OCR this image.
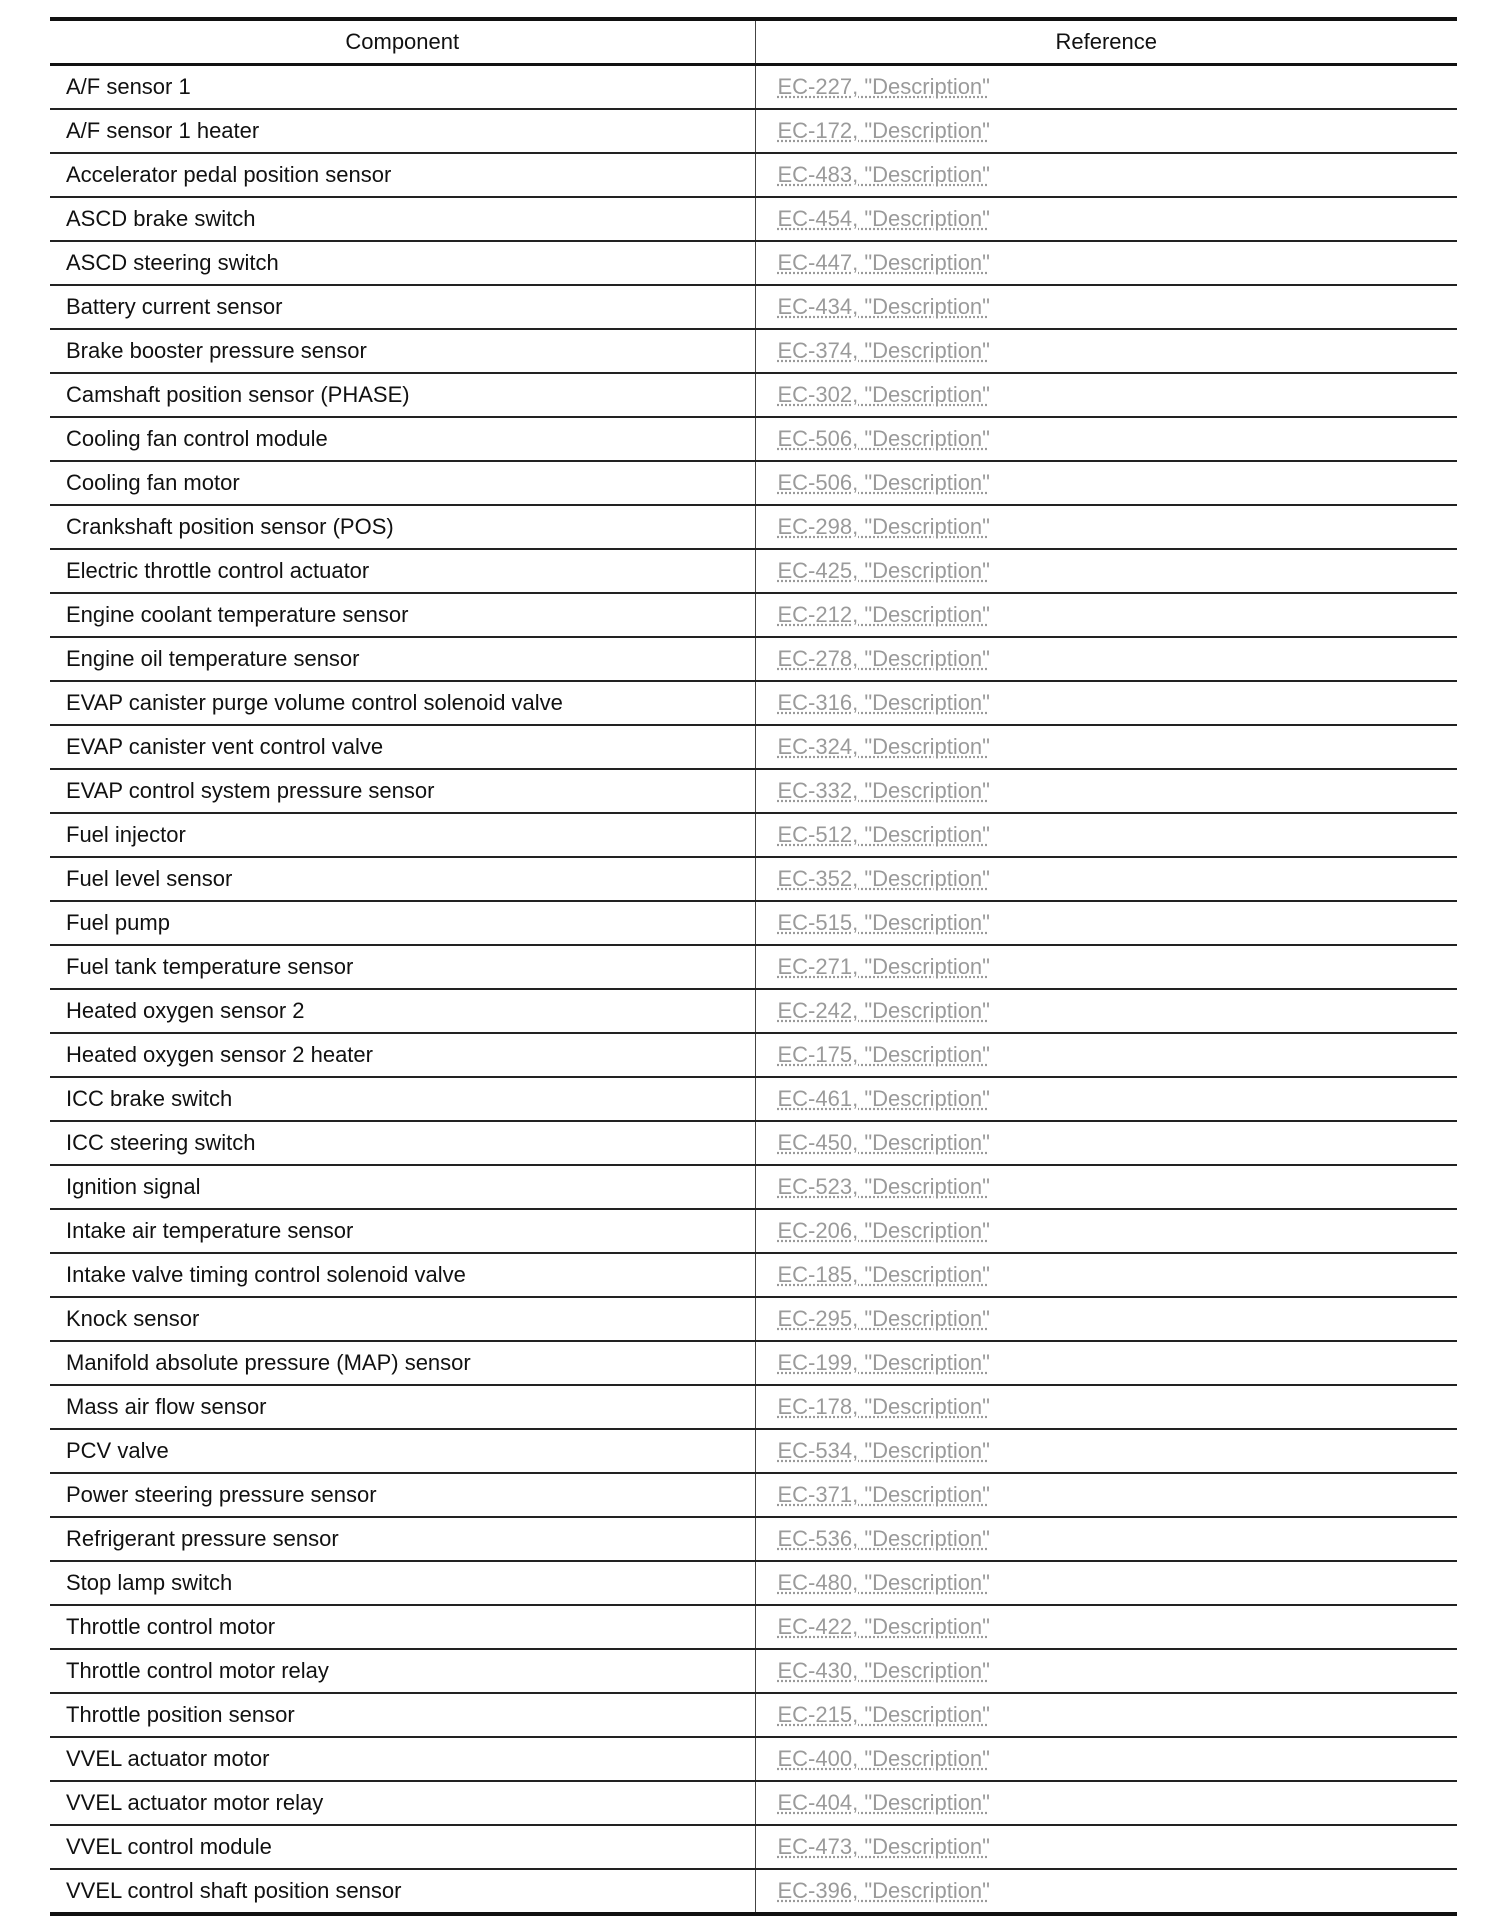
Component	Reference
A/F sensor 1	EC-227, "Description"
A/F sensor 1 heater	EC-172, "Description"
Accelerator pedal position sensor	EC-483, "Description"
ASCD brake switch	EC-454, "Description"
ASCD steering switch	EC-447, "Description"
Battery current sensor	EC-434, "Description"
Brake booster pressure sensor	EC-374, "Description"
Camshaft position sensor (PHASE)	EC-302, "Description"
Cooling fan control module	EC-506, "Description"
Cooling fan motor	EC-506, "Description"
Crankshaft position sensor (POS)	EC-298, "Description"
Electric throttle control actuator	EC-425, "Description"
Engine coolant temperature sensor	EC-212, "Description"
Engine oil temperature sensor	EC-278, "Description"
EVAP canister purge volume control solenoid valve	EC-316, "Description"
EVAP canister vent control valve	EC-324, "Description"
EVAP control system pressure sensor	EC-332, "Description"
Fuel injector	EC-512, "Description"
Fuel level sensor	EC-352, "Description"
Fuel pump	EC-515, "Description"
Fuel tank temperature sensor	EC-271, "Description"
Heated oxygen sensor 2	EC-242, "Description"
Heated oxygen sensor 2 heater	EC-175, "Description"
ICC brake switch	EC-461, "Description"
ICC steering switch	EC-450, "Description"
Ignition signal	EC-523, "Description"
Intake air temperature sensor	EC-206, "Description"
Intake valve timing control solenoid valve	EC-185, "Description"
Knock sensor	EC-295, "Description"
Manifold absolute pressure (MAP) sensor	EC-199, "Description"
Mass air flow sensor	EC-178, "Description"
PCV valve	EC-534, "Description"
Power steering pressure sensor	EC-371, "Description"
Refrigerant pressure sensor	EC-536, "Description"
Stop lamp switch	EC-480, "Description"
Throttle control motor	EC-422, "Description"
Throttle control motor relay	EC-430, "Description"
Throttle position sensor	EC-215, "Description"
VVEL actuator motor	EC-400, "Description"
VVEL actuator motor relay	EC-404, "Description"
VVEL control module	EC-473, "Description"
VVEL control shaft position sensor	EC-396, "Description"
